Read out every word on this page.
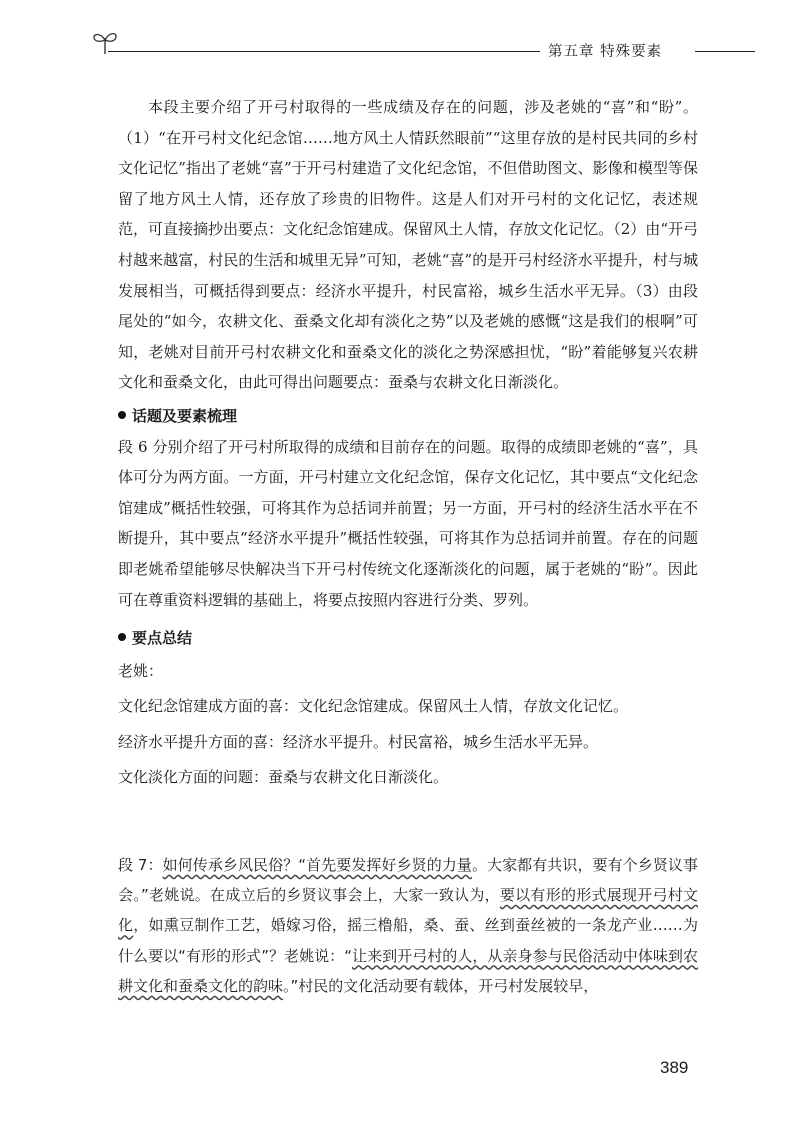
第五章 特殊要素

本段主要介绍了开弓村取得的一些成绩及存在的问题，涉及老姚的“喜”和“盼”。（1）“在开弓村文化纪念馆……地方风土人情跃然眼前”“这里存放的是村民共同的乡村文化记忆”指出了老姚“喜”于开弓村建造了文化纪念馆，不但借助图文、影像和模型等保留了地方风土人情，还存放了珍贵的旧物件。这是人们对开弓村的文化记忆，表述规范，可直接摘抄出要点：文化纪念馆建成。保留风土人情，存放文化记忆。（2）由“开弓村越来越富，村民的生活和城里无异”可知，老姚“喜”的是开弓村经济水平提升，村与城发展相当，可概括得到要点：经济水平提升，村民富裕，城乡生活水平无异。（3）由段尾处的“如今，农耕文化、蚕桑文化却有淡化之势”以及老姚的感慨“这是我们的根啊”可知，老姚对目前开弓村农耕文化和蚕桑文化的淡化之势深感担忧，“盼”着能够复兴农耕文化和蚕桑文化，由此可得出问题要点：蚕桑与农耕文化日渐淡化。

话题及要素梳理

段 6 分别介绍了开弓村所取得的成绩和目前存在的问题。取得的成绩即老姚的“喜”，具体可分为两方面。一方面，开弓村建立文化纪念馆，保存文化记忆，其中要点“文化纪念馆建成”概括性较强，可将其作为总括词并前置；另一方面，开弓村的经济生活水平在不断提升，其中要点“经济水平提升”概括性较强，可将其作为总括词并前置。存在的问题即老姚希望能够尽快解决当下开弓村传统文化逐渐淡化的问题，属于老姚的“盼”。因此可在尊重资料逻辑的基础上，将要点按照内容进行分类、罗列。

要点总结
老姚：
文化纪念馆建成方面的喜：文化纪念馆建成。保留风土人情，存放文化记忆。
经济水平提升方面的喜：经济水平提升。村民富裕，城乡生活水平无异。
文化淡化方面的问题：蚕桑与农耕文化日渐淡化。
段 7：如何传承乡风民俗？“首先要发挥好乡贤的力量。大家都有共识，要有个乡贤议事会。”老姚说。在成立后的乡贤议事会上，大家一致认为，要以有形的形式展现开弓村文化，如熏豆制作工艺，婚嫁习俗，摇三橹船，桑、蚕、丝到蚕丝被的一条龙产业……为什么要以“有形的形式”？老姚说：“让来到开弓村的人，从亲身参与民俗活动中体味到农耕文化和蚕桑文化的韵味。”村民的文化活动要有载体，开弓村发展较早，
389
